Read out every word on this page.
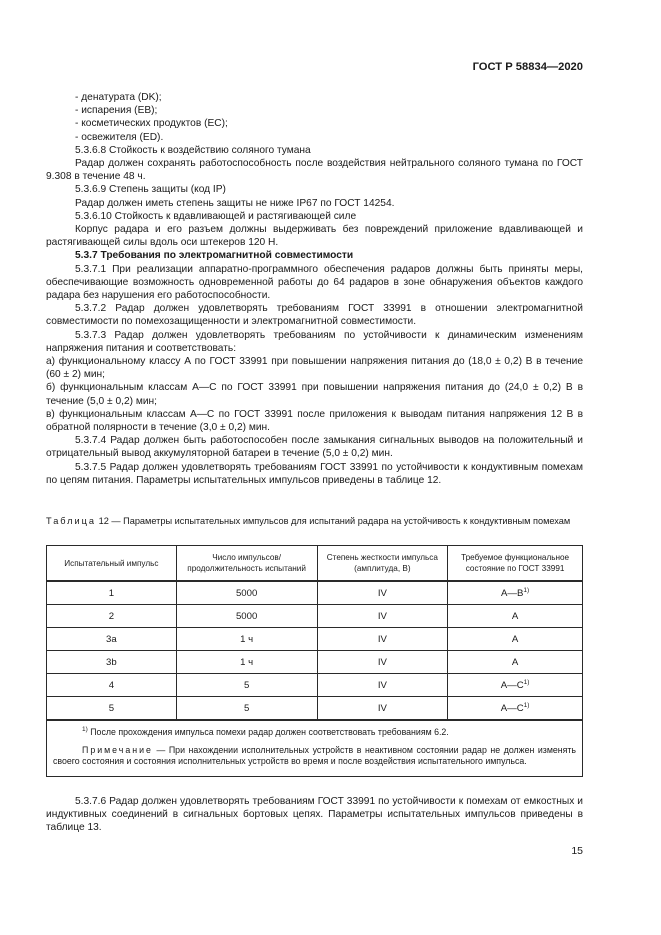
ГОСТ Р 58834—2020

- денатурата (DK);

- испарения (EB);

- косметических продуктов (EC);

- освежителя (ED).

5.3.6.8 Стойкость к воздействию соляного тумана

Радар должен сохранять работоспособность после воздействия нейтрального соляного тумана по ГОСТ 9.308 в течение 48 ч.

5.3.6.9 Степень защиты (код IP)

Радар должен иметь степень защиты не ниже IP67 по ГОСТ 14254.

5.3.6.10 Стойкость к вдавливающей и растягивающей силе

Корпус радара и его разъем должны выдерживать без повреждений приложение вдавливающей и растягивающей силы вдоль оси штекеров 120 Н.

5.3.7 Требования по электромагнитной совместимости

5.3.7.1 При реализации аппаратно-программного обеспечения радаров должны быть приняты меры, обеспечивающие возможность одновременной работы до 64 радаров в зоне обнаружения объектов каждого радара без нарушения его работоспособности.

5.3.7.2 Радар должен удовлетворять требованиям ГОСТ 33991 в отношении электромагнитной совместимости по помехозащищенности и электромагнитной совместимости.

5.3.7.3 Радар должен удовлетворять требованиям по устойчивости к динамическим изменениям напряжения питания и соответствовать:

а) функциональному классу А по ГОСТ 33991 при повышении напряжения питания до (18,0 ± 0,2) В в течение (60 ± 2) мин;

б) функциональным классам А—С по ГОСТ 33991 при повышении напряжения питания до (24,0 ± 0,2) В в течение (5,0 ± 0,2) мин;

в) функциональным классам А—С по ГОСТ 33991 после приложения к выводам питания напряжения 12 В в обратной полярности в течение (3,0 ± 0,2) мин.

5.3.7.4 Радар должен быть работоспособен после замыкания сигнальных выводов на положительный и отрицательный вывод аккумуляторной батареи в течение (5,0 ± 0,2) мин.

5.3.7.5 Радар должен удовлетворять требованиям ГОСТ 33991 по устойчивости к кондуктивным помехам по цепям питания. Параметры испытательных импульсов приведены в таблице 12.

Таблица 12 — Параметры испытательных импульсов для испытаний радара на устойчивость к кондуктивным помехам
Испытательный импульс	Число импульсов/ продолжительность испытаний	Степень жесткости импульса (амплитуда, В)	Требуемое функциональное состояние по ГОСТ 33991
1	5000	IV	$А—В^{1)}$
2	5000	IV	А
3a	1 ч	IV	А
3b	1 ч	IV	А
4	5	IV	$А—С^{1)}$
5	5	IV	$А—С^{1)}$

$^{1)}$ После прохождения импульса помехи радар должен соответствовать требованиям 6.2.

Примечание — При нахождении исполнительных устройств в неактивном состоянии радар не должен изменять своего состояния и состояния исполнительных устройств во время и после воздействия испытательного импульса.			

5.3.7.6 Радар должен удовлетворять требованиям ГОСТ 33991 по устойчивости к помехам от емкостных и индуктивных соединений в сигнальных бортовых цепях. Параметры испытательных импульсов приведены в таблице 13.

15
